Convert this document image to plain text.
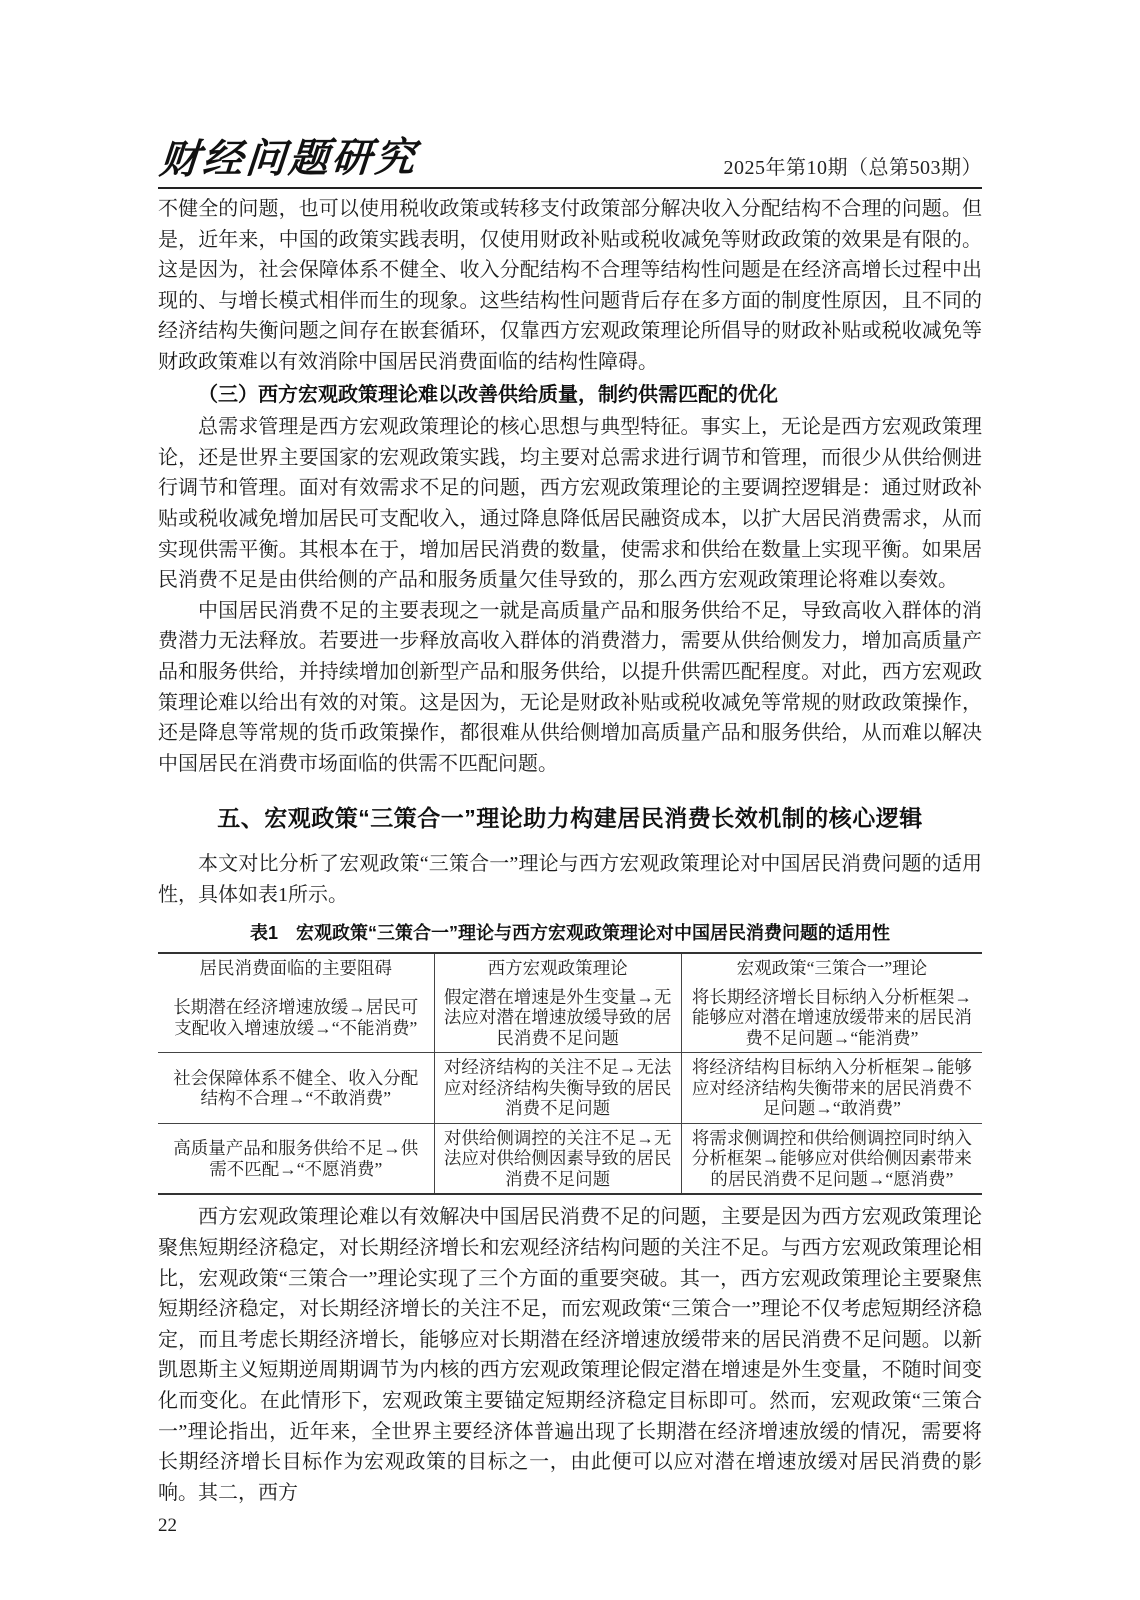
财经问题研究	2025年第10期（总第503期）

不健全的问题，也可以使用税收政策或转移支付政策部分解决收入分配结构不合理的问题。但是，近年来，中国的政策实践表明，仅使用财政补贴或税收减免等财政政策的效果是有限的。这是因为，社会保障体系不健全、收入分配结构不合理等结构性问题是在经济高增长过程中出现的、与增长模式相伴而生的现象。这些结构性问题背后存在多方面的制度性原因，且不同的经济结构失衡问题之间存在嵌套循环，仅靠西方宏观政策理论所倡导的财政补贴或税收减免等财政政策难以有效消除中国居民消费面临的结构性障碍。

（三）西方宏观政策理论难以改善供给质量，制约供需匹配的优化

总需求管理是西方宏观政策理论的核心思想与典型特征。事实上，无论是西方宏观政策理论，还是世界主要国家的宏观政策实践，均主要对总需求进行调节和管理，而很少从供给侧进行调节和管理。面对有效需求不足的问题，西方宏观政策理论的主要调控逻辑是：通过财政补贴或税收减免增加居民可支配收入，通过降息降低居民融资成本，以扩大居民消费需求，从而实现供需平衡。其根本在于，增加居民消费的数量，使需求和供给在数量上实现平衡。如果居民消费不足是由供给侧的产品和服务质量欠佳导致的，那么西方宏观政策理论将难以奏效。

中国居民消费不足的主要表现之一就是高质量产品和服务供给不足，导致高收入群体的消费潜力无法释放。若要进一步释放高收入群体的消费潜力，需要从供给侧发力，增加高质量产品和服务供给，并持续增加创新型产品和服务供给，以提升供需匹配程度。对此，西方宏观政策理论难以给出有效的对策。这是因为，无论是财政补贴或税收减免等常规的财政政策操作，还是降息等常规的货币政策操作，都很难从供给侧增加高质量产品和服务供给，从而难以解决中国居民在消费市场面临的供需不匹配问题。

五、宏观政策“三策合一”理论助力构建居民消费长效机制的核心逻辑

本文对比分析了宏观政策“三策合一”理论与西方宏观政策理论对中国居民消费问题的适用性，具体如表1所示。

表1　宏观政策“三策合一”理论与西方宏观政策理论对中国居民消费问题的适用性
居民消费面临的主要阻碍	西方宏观政策理论	宏观政策“三策合一”理论
长期潜在经济增速放缓→居民可支配收入增速放缓→“不能消费”	假定潜在增速是外生变量→无法应对潜在增速放缓导致的居民消费不足问题	将长期经济增长目标纳入分析框架→能够应对潜在增速放缓带来的居民消费不足问题→“能消费”
社会保障体系不健全、收入分配结构不合理→“不敢消费”	对经济结构的关注不足→无法应对经济结构失衡导致的居民消费不足问题	将经济结构目标纳入分析框架→能够应对经济结构失衡带来的居民消费不足问题→“敢消费”
高质量产品和服务供给不足→供需不匹配→“不愿消费”	对供给侧调控的关注不足→无法应对供给侧因素导致的居民消费不足问题	将需求侧调控和供给侧调控同时纳入分析框架→能够应对供给侧因素带来的居民消费不足问题→“愿消费”

西方宏观政策理论难以有效解决中国居民消费不足的问题，主要是因为西方宏观政策理论聚焦短期经济稳定，对长期经济增长和宏观经济结构问题的关注不足。与西方宏观政策理论相比，宏观政策“三策合一”理论实现了三个方面的重要突破。其一，西方宏观政策理论主要聚焦短期经济稳定，对长期经济增长的关注不足，而宏观政策“三策合一”理论不仅考虑短期经济稳定，而且考虑长期经济增长，能够应对长期潜在经济增速放缓带来的居民消费不足问题。以新凯恩斯主义短期逆周期调节为内核的西方宏观政策理论假定潜在增速是外生变量，不随时间变化而变化。在此情形下，宏观政策主要锚定短期经济稳定目标即可。然而，宏观政策“三策合一”理论指出，近年来，全世界主要经济体普遍出现了长期潜在经济增速放缓的情况，需要将长期经济增长目标作为宏观政策的目标之一，由此便可以应对潜在增速放缓对居民消费的影响。其二，西方

22
